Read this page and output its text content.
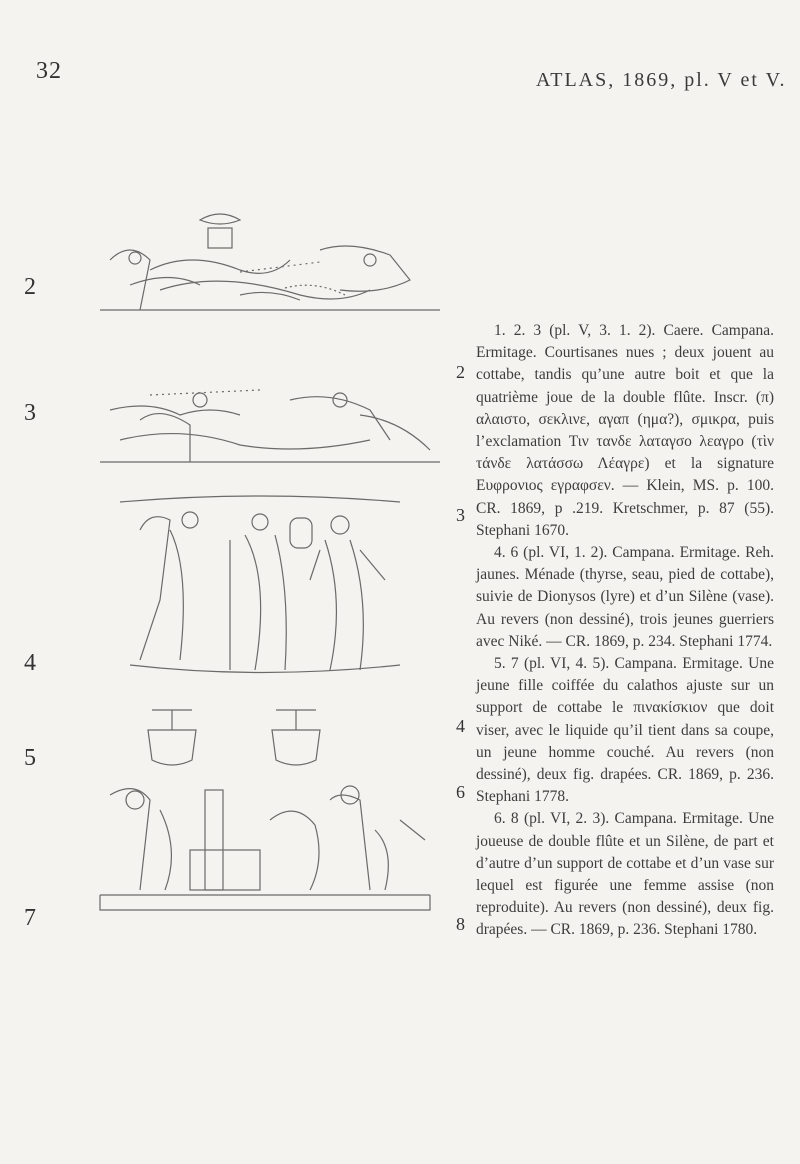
32	ATLAS, 1869, pl. V et V.
2
3
4
5
7
2
3
4
6
8

1. 2. 3 (pl. V, 3. 1. 2). Caere. Campana. Ermitage. Courtisanes nues ; deux jouent au cottabe, tandis qu’une autre boit et que la quatrième joue de la double flûte. Inscr. (π) αλαιστο, σεκλινε, αγαπ (ημα?), σμικρα, puis l’exclamation Τιν τανδε λαταγσο λεαγρο (τὶν τάνδε λατάσσω Λέαγρε) et la signature Ευφρονιος εγραφσεν. — Klein, MS. p. 100. CR. 1869, p .219. Kretschmer, p. 87 (55). Stephani 1670.

4. 6 (pl. VI, 1. 2). Campana. Ermitage. Reh. jaunes. Ménade (thyrse, seau, pied de cottabe), suivie de Dionysos (lyre) et d’un Silène (vase). Au revers (non dessiné), trois jeunes guerriers avec Niké. — CR. 1869, p. 234. Stephani 1774.

5. 7 (pl. VI, 4. 5). Campana. Ermitage. Une jeune fille coiffée du calathos ajuste sur un support de cottabe le πινακίσκιον que doit viser, avec le liquide qu’il tient dans sa coupe, un jeune homme couché. Au revers (non dessiné), deux fig. drapées. CR. 1869, p. 236. Stephani 1778.

6. 8 (pl. VI, 2. 3). Campana. Ermitage. Une joueuse de double flûte et un Silène, de part et d’autre d’un support de cottabe et d’un vase sur lequel est figurée une femme assise (non reproduite). Au revers (non dessiné), deux fig. drapées. — CR. 1869, p. 236. Stephani 1780.
